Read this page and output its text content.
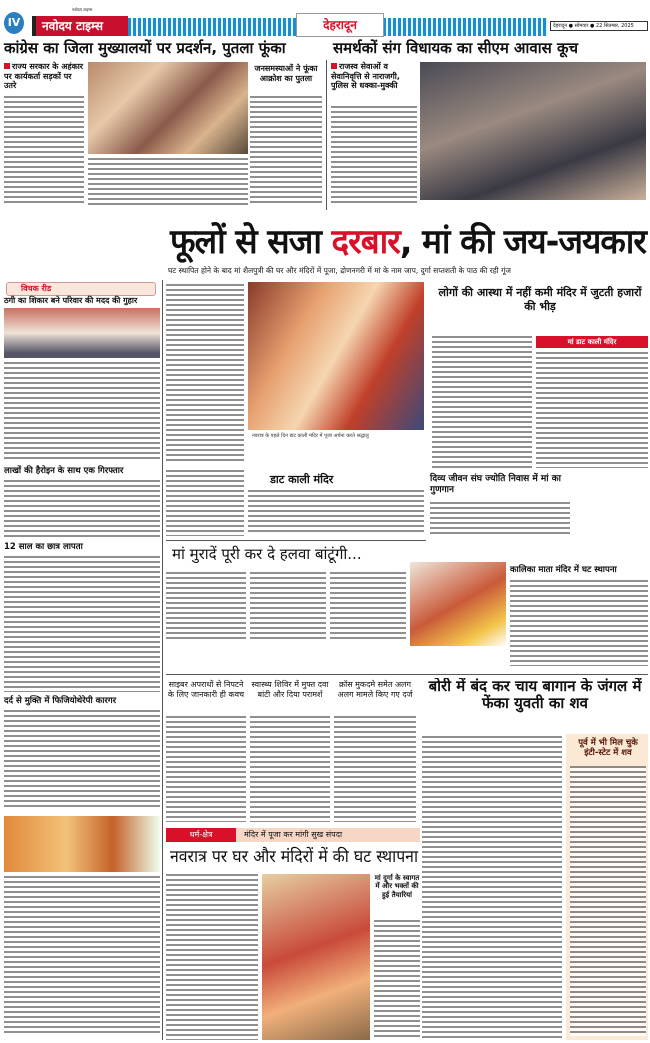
IV
नवोदय टाइम्स
नवोदय टाइम्स	देहरादून	देहरादून ● सोमवार ● 22 सितम्बर, 2025
कांग्रेस का जिला मुख्यालयों पर प्रदर्शन, पुतला फूंका	समर्थकों संग विधायक का सीएम आवास कूच
राज्य सरकार के अहंकार पर कार्यकर्ता सड़कों पर उतरे
जनसमस्याओं ने फूंका आक्रोश का पुतला
राजस्व सेवाओं व सेवानिवृत्ति से नाराजगी, पुलिस से धक्का-मुक्की
विचक रीड
फूलों से सजा दरबार, मां की जय-जयकार
घट स्थापित होने के बाद मां शैलपुत्री की घर और मंदिरों में पूजा, द्रोणनगरी में मां के नाम जाप, दुर्गा सप्तशती के पाठ की रही गूंज
ठगी का शिकार बने परिवार की मदद की गुहार
लाखों की हैरोइन के साथ एक गिरफ्तार
12 साल का छात्र लापता
दर्द से मुक्ति में फिजियोथेरेपी कारगर
नवरात्र के पहले दिन डाट काली मंदिर में पूजा अर्चना करते श्रद्धालु
डाट काली मंदिर	दिव्य जीवन संघ ज्योति निवास में मां का गुणगान
लोगों की आस्था में नहीं कमी मंदिर में जुटती हजारों की भीड़
मां डाट काली मंदिर
मां मुरादें पूरी कर दे हलवा बांटूंगी...
कालिका माता मंदिर में घट स्थापना
साइबर अपराधों से निपटने के लिए जानकारी ही कवच
स्वास्थ्य शिविर में मुफ्त दवा बांटी और दिया परामर्श
क्रॉस मुकदमे समेत अलग अलग मामले किए गए दर्ज	बोरी में बंद कर चाय बागान के जंगल में फेंका युवती का शव
पूर्व में भी मिल चुके इंटी-स्टेट में शव
धर्म-क्षेत्र	मंदिर में पूजा कर मांगी सुख संपदा
नवरात्र पर घर और मंदिरों में की घट स्थापना
मां दुर्गा के स्वागत में और भक्तों की हुई तैयारियां
